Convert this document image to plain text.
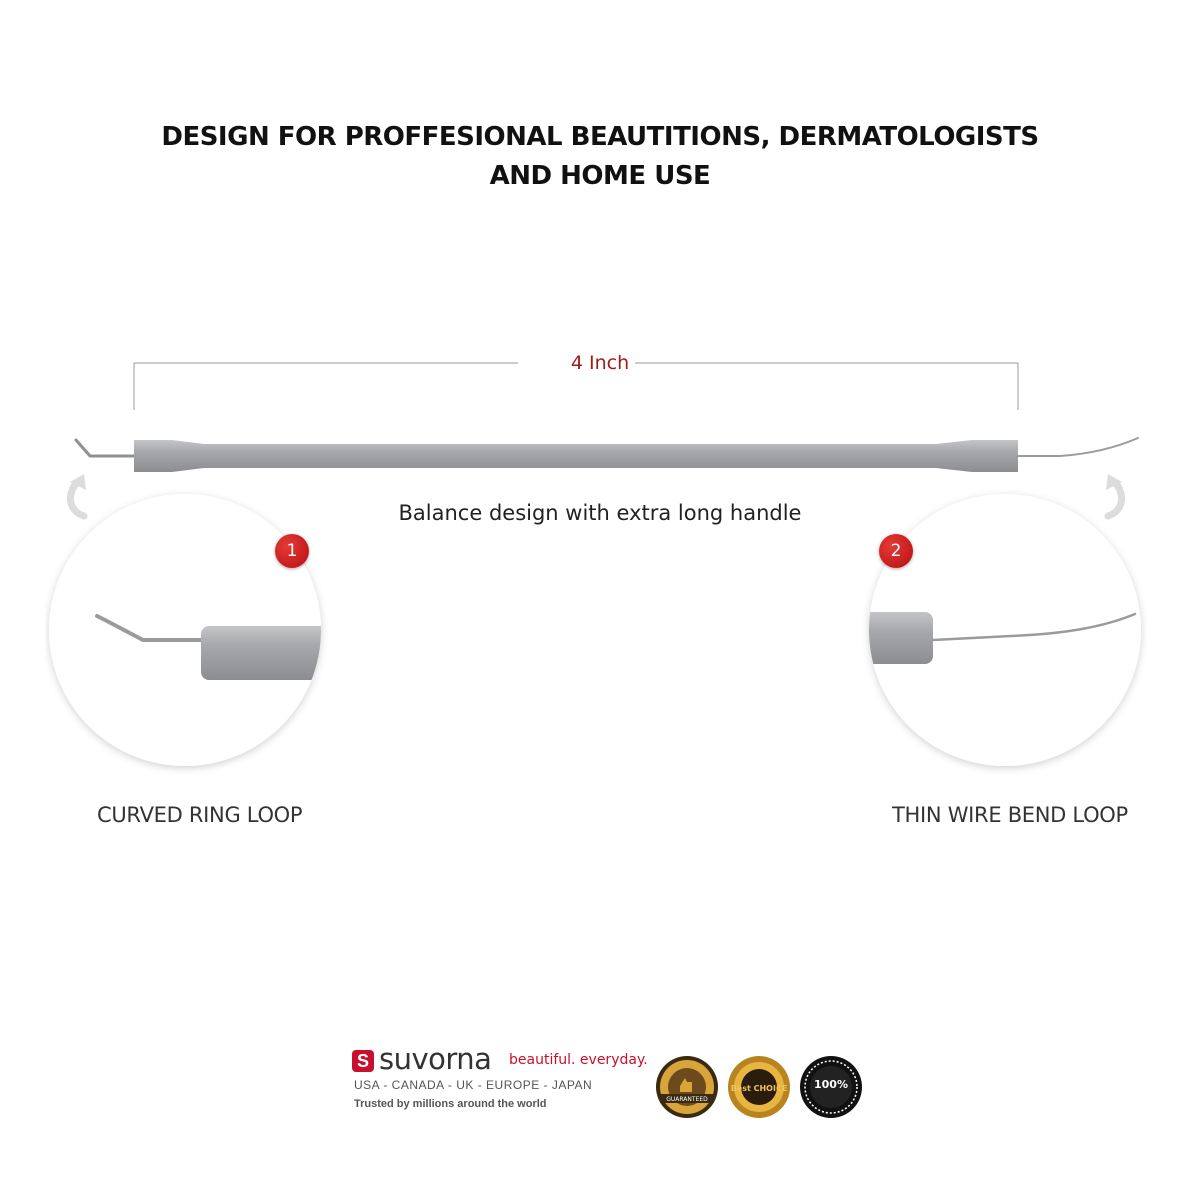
DESIGN FOR PROFFESIONAL BEAUTITIONS, DERMATOLOGISTS
AND HOME USE
4 Inch
Balance design with extra long handle
1
CURVED RING LOOP
2
THIN WIRE BEND LOOP
S suvorna beautiful. everyday.
USA - CANADA - UK - EUROPE - JAPAN
Trusted by millions around the world	GUARANTEED
Best CHOICE 100%
